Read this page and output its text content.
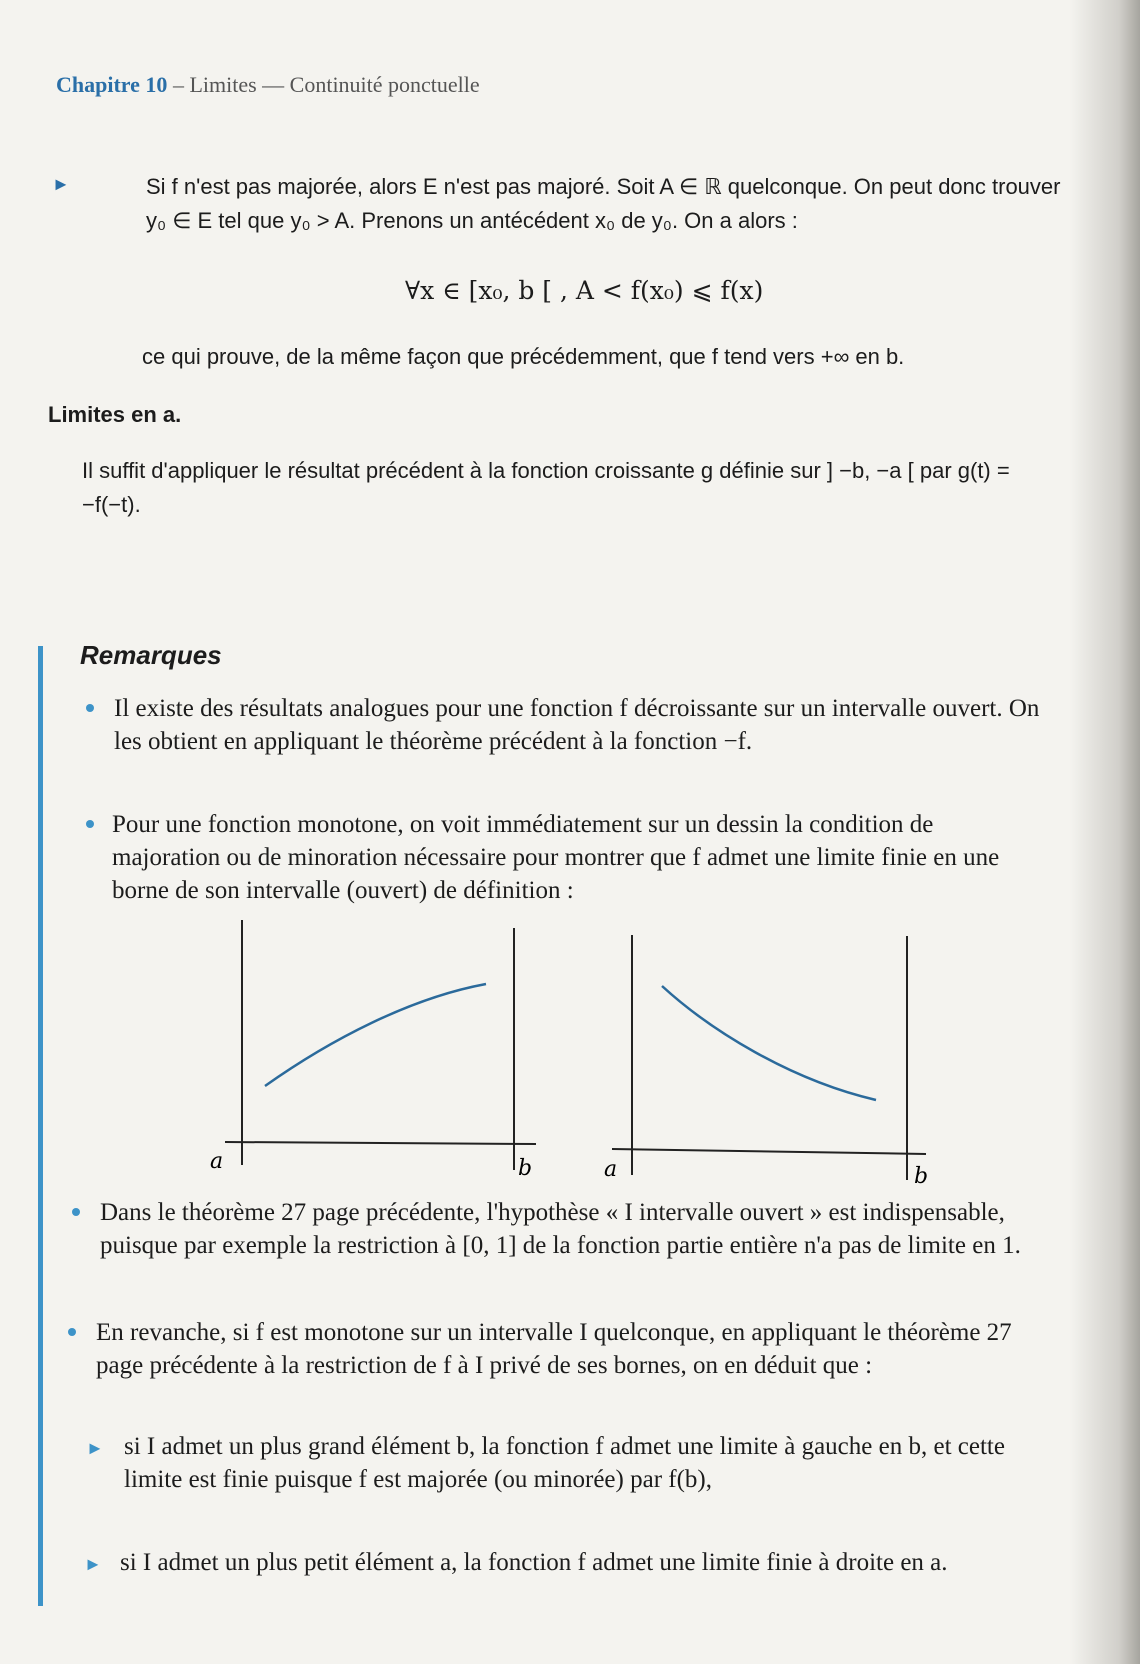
Chapitre 10 – Limites — Continuité ponctuelle
►	Si f n'est pas majorée, alors E n'est pas majoré. Soit A ∈ ℝ quelconque. On peut donc trouver y₀ ∈ E tel que y₀ > A. Prenons un antécédent x₀ de y₀. On a alors :
∀x ∈ [x₀, b [ , A < f(x₀) ⩽ f(x)
ce qui prouve, de la même façon que précédemment, que f tend vers +∞ en b.
Limites en a.
Il suffit d'appliquer le résultat précédent à la fonction croissante g définie sur ] −b, −a [ par g(t) = −f(−t).
Remarques
Il existe des résultats analogues pour une fonction f décroissante sur un intervalle ouvert. On les obtient en appliquant le théorème précédent à la fonction −f.
Pour une fonction monotone, on voit immédiatement sur un dessin la condition de majoration ou de minoration nécessaire pour montrer que f admet une limite finie en une borne de son intervalle (ouvert) de définition :
a	b	a	b
Dans le théorème 27 page précédente, l'hypothèse « I intervalle ouvert » est indispensable, puisque par exemple la restriction à [0, 1] de la fonction partie entière n'a pas de limite en 1.
En revanche, si f est monotone sur un intervalle I quelconque, en appliquant le théorème 27 page précédente à la restriction de f à I privé de ses bornes, on en déduit que :
► si I admet un plus grand élément b, la fonction f admet une limite à gauche en b, et cette limite est finie puisque f est majorée (ou minorée) par f(b),
► si I admet un plus petit élément a, la fonction f admet une limite finie à droite en a.
